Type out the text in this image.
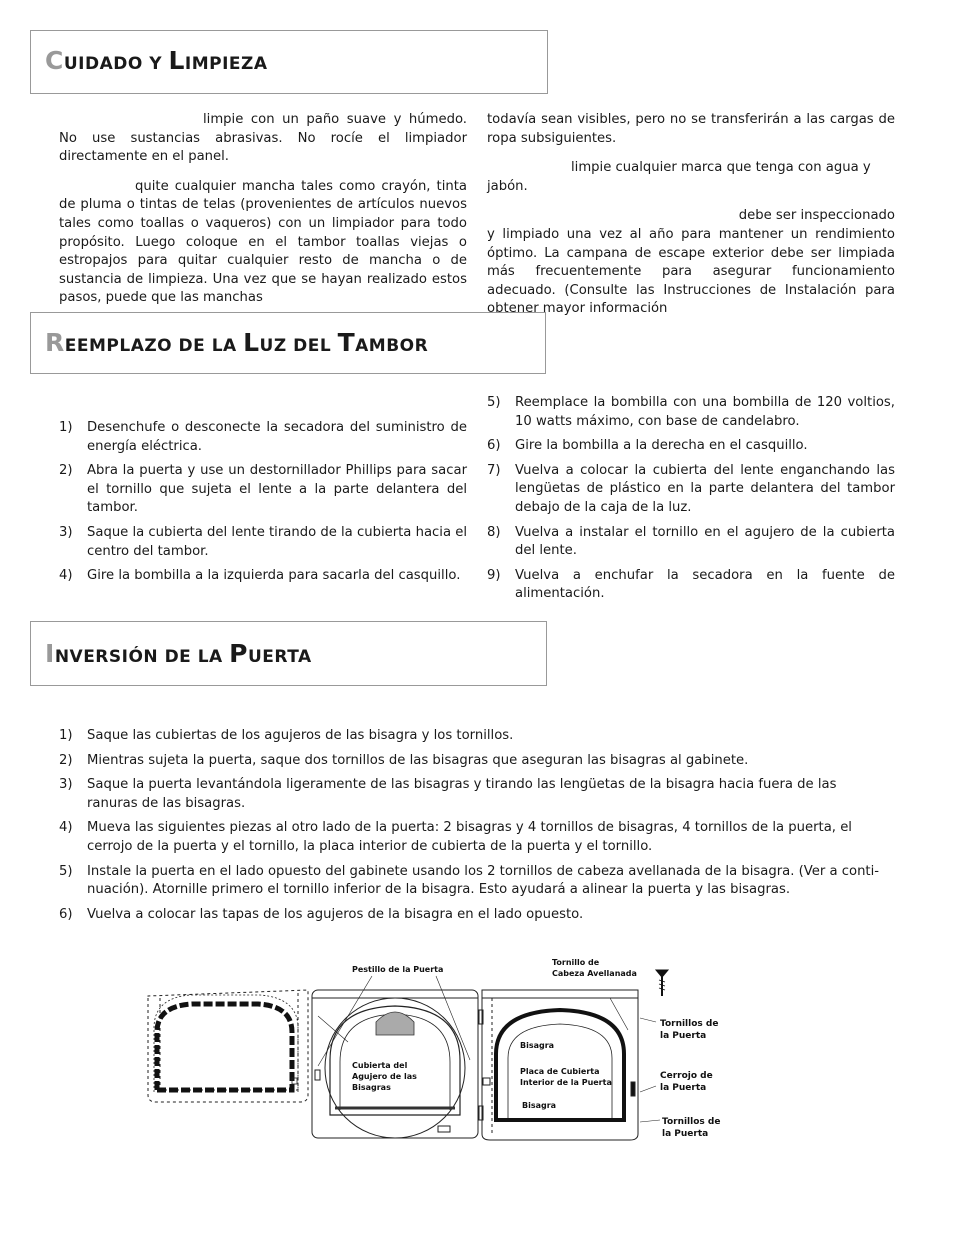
CUIDADO Y LIMPIEZA

limpie con un paño suave y húmedo. No use sustancias abrasivas. No rocíe el limpiador directamente en el panel.

quite cualquier mancha tales como crayón, tinta de pluma o tintas de telas (provenientes de artículos nuevos tales como toallas o vaqueros) con un limpiador para todo propósito. Luego coloque en el tambor toallas viejas o estropajos para quitar cualquier resto de mancha o de sustancia de limpieza. Una vez que se hayan realizado estos pasos, puede que las manchas

todavía sean visibles, pero no se transferirán a las cargas de ropa subsiguientes.

limpie cualquier marca que tenga con agua y jabón.

debe ser inspeccionado
y limpiado una vez al año para mantener un rendimiento óptimo. La campana de escape exterior debe ser limpiada más frecuentemente para asegurar funcionamiento adecuado. (Consulte las Instrucciones de Instalación para obtener mayor información

REEMPLAZO DE LA LUZ DEL TAMBOR
1) Desenchufe o desconecte la secadora del suministro de energía eléctrica.
2) Abra la puerta y use un destornillador Phillips para sacar el tornillo que sujeta el lente a la parte delantera del tambor.
3) Saque la cubierta del lente tirando de la cubierta hacia el centro del tambor.
4) Gire la bombilla a la izquierda para sacarla del casquillo.
5) Reemplace la bombilla con una bombilla de 120 voltios, 10 watts máximo, con base de candelabro.
6) Gire la bombilla a la derecha en el casquillo.
7) Vuelva a colocar la cubierta del lente enganchando las lengüetas de plástico en la parte delantera del tambor debajo de la caja de la luz.
8) Vuelva a instalar el tornillo en el agujero de la cubierta del lente.
9) Vuelva a enchufar la secadora en la fuente de alimentación.
INVERSIÓN DE LA PUERTA
1) Saque las cubiertas de los agujeros de las bisagra y los tornillos.
2) Mientras sujeta la puerta, saque dos tornillos de las bisagras que aseguran las bisagras al gabinete.
3) Saque la puerta levantándola ligeramente de las bisagras y tirando las lengüetas de la bisagra hacia fuera de las ranuras de las bisagras.
4) Mueva las siguientes piezas al otro lado de la puerta: 2 bisagras y 4 tornillos de bisagras, 4 tornillos de la puerta, el cerrojo de la puerta y el tornillo, la placa interior de cubierta de la puerta y el tornillo.
5) Instale la puerta en el lado opuesto del gabinete usando los 2 tornillos de cabeza avellanada de la bisagra. (Ver a conti-nuación). Atornille primero el tornillo inferior de la bisagra. Esto ayudará a alinear la puerta y las bisagras.
6) Vuelva a colocar las tapas de los agujeros de la bisagra en el lado opuesto.
Pestillo de la Puerta
Tornillo de
Cabeza Avellanada
Tornillos de
la Puerta
Bisagra
Cubierta del
Agujero de las
Bisagras
Placa de Cubierta
Interior de la Puerta
Cerrojo de
la Puerta
Bisagra
Tornillos de
la Puerta
